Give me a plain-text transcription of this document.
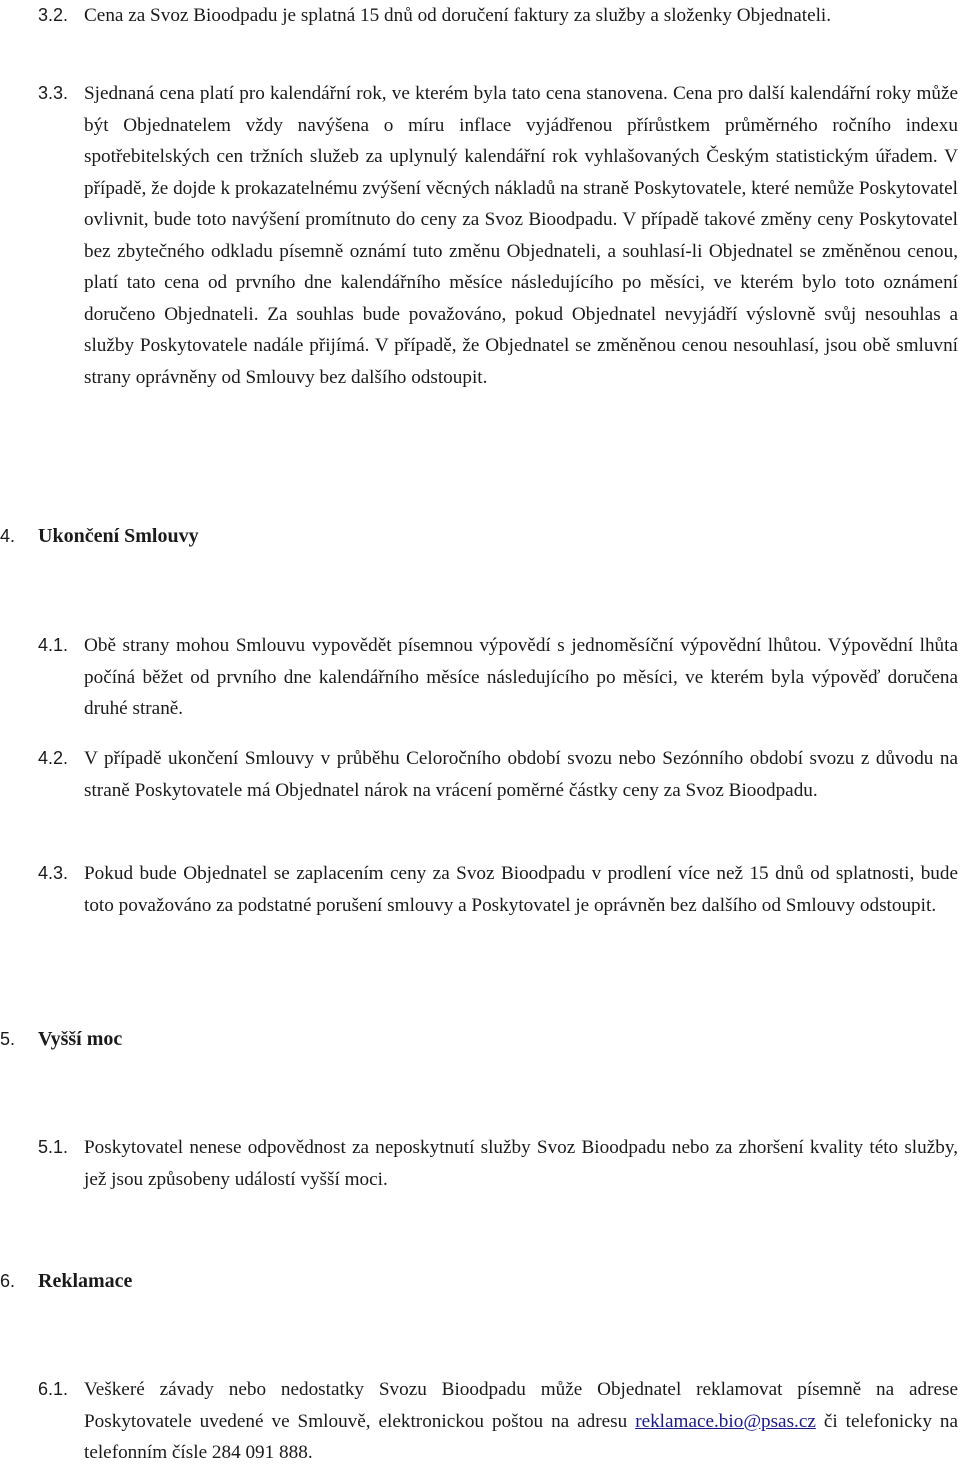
3.2. Cena za Svoz Bioodpadu je splatná 15 dnů od doručení faktury za služby a složenky Objednateli.
3.3. Sjednaná cena platí pro kalendářní rok, ve kterém byla tato cena stanovena. Cena pro další kalendářní roky může být Objednatelem vždy navýšena o míru inflace vyjádřenou přírůstkem průměrného ročního indexu spotřebitelských cen tržních služeb za uplynulý kalendářní rok vyhlašovaných Českým statistickým úřadem. V případě, že dojde k prokazatelnému zvýšení věcných nákladů na straně Poskytovatele, které nemůže Poskytovatel ovlivnit, bude toto navýšení promítnuto do ceny za Svoz Bioodpadu. V případě takové změny ceny Poskytovatel bez zbytečného odkladu písemně oznámí tuto změnu Objednateli, a souhlasí-li Objednatel se změněnou cenou, platí tato cena od prvního dne kalendářního měsíce následujícího po měsíci, ve kterém bylo toto oznámení doručeno Objednateli. Za souhlas bude považováno, pokud Objednatel nevyjádří výslovně svůj nesouhlas a služby Poskytovatele nadále přijímá. V případě, že Objednatel se změněnou cenou nesouhlasí, jsou obě smluvní strany oprávněny od Smlouvy bez dalšího odstoupit.
4. Ukončení Smlouvy
4.1. Obě strany mohou Smlouvu vypovědět písemnou výpovědí s jednoměsíční výpovědní lhůtou. Výpovědní lhůta počíná běžet od prvního dne kalendářního měsíce následujícího po měsíci, ve kterém byla výpověď doručena druhé straně.
4.2. V případě ukončení Smlouvy v průběhu Celoročního období svozu nebo Sezónního období svozu z důvodu na straně Poskytovatele má Objednatel nárok na vrácení poměrné částky ceny za Svoz Bioodpadu.
4.3. Pokud bude Objednatel se zaplacením ceny za Svoz Bioodpadu v prodlení více než 15 dnů od splatnosti, bude toto považováno za podstatné porušení smlouvy a Poskytovatel je oprávněn bez dalšího od Smlouvy odstoupit.
5. Vyšší moc
5.1. Poskytovatel nenese odpovědnost za neposkytnutí služby Svoz Bioodpadu nebo za zhoršení kvality této služby, jež jsou způsobeny událostí vyšší moci.
6. Reklamace
6.1. Veškeré závady nebo nedostatky Svozu Bioodpadu může Objednatel reklamovat písemně na adrese Poskytovatele uvedené ve Smlouvě, elektronickou poštou na adresu reklamace.bio@psas.cz či telefonicky na telefonním čísle 284 091 888.
